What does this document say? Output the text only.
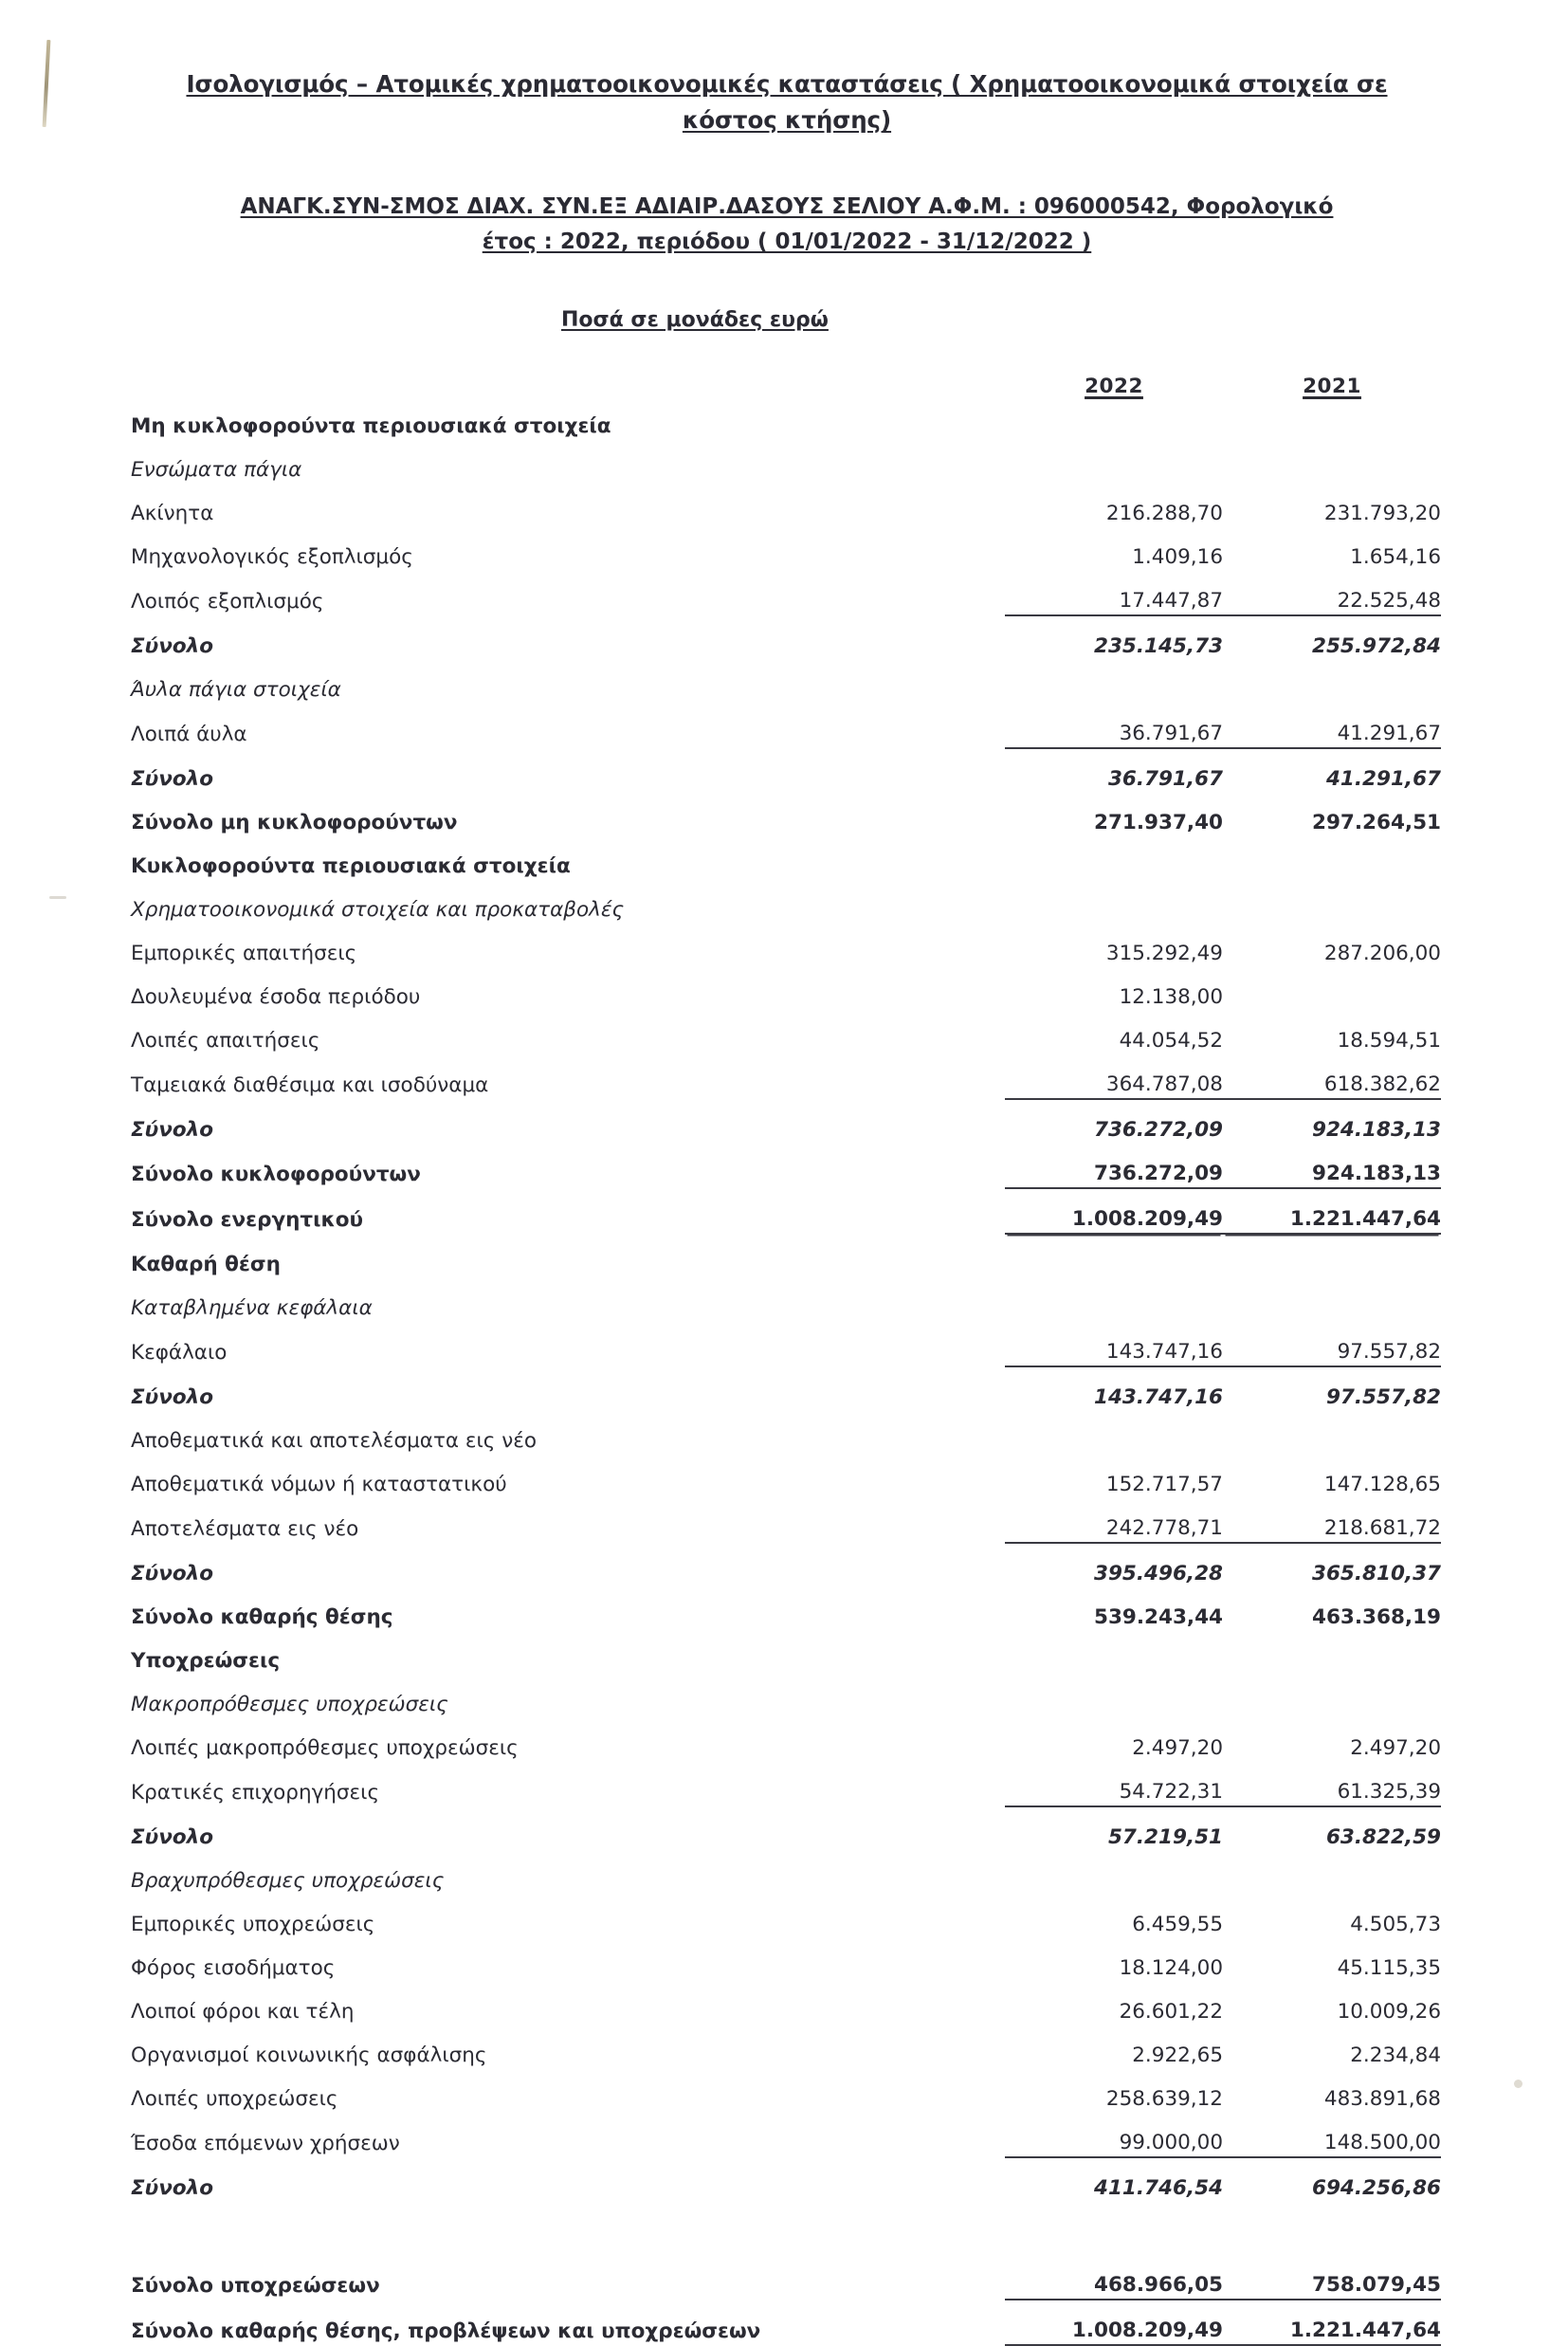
Ισολογισμός – Ατομικές χρηματοοικονομικές καταστάσεις ( Χρηματοοικονομικά στοιχεία σε
κόστος κτήσης)
ΑΝΑΓΚ.ΣΥΝ-ΣΜΟΣ ΔΙΑΧ. ΣΥΝ.ΕΞ ΑΔΙΑΙΡ.ΔΑΣΟΥΣ ΣΕΛΙΟΥ Α.Φ.Μ. : 096000542, Φορολογικό
έτος : 2022, περιόδου ( 01/01/2022 - 31/12/2022 )
Ποσά σε μονάδες ευρώ
	2022	2021
Μη κυκλοφορούντα περιουσιακά στοιχεία		
Ενσώματα πάγια		
Ακίνητα	216.288,70	231.793,20
Μηχανολογικός εξοπλισμός	1.409,16	1.654,16
Λοιπός εξοπλισμός	17.447,87	22.525,48
Σύνολο	235.145,73	255.972,84
Άυλα πάγια στοιχεία		
Λοιπά άυλα	36.791,67	41.291,67
Σύνολο	36.791,67	41.291,67
Σύνολο μη κυκλοφορούντων	271.937,40	297.264,51
Κυκλοφορούντα περιουσιακά στοιχεία		
Χρηματοοικονομικά στοιχεία και προκαταβολές		
Εμπορικές απαιτήσεις	315.292,49	287.206,00
Δουλευμένα έσοδα περιόδου	12.138,00	
Λοιπές απαιτήσεις	44.054,52	18.594,51
Ταμειακά διαθέσιμα και ισοδύναμα	364.787,08	618.382,62
Σύνολο	736.272,09	924.183,13
Σύνολο κυκλοφορούντων	736.272,09	924.183,13
Σύνολο ενεργητικού	1.008.209,49	1.221.447,64
Καθαρή θέση		
Καταβλημένα κεφάλαια		
Κεφάλαιο	143.747,16	97.557,82
Σύνολο	143.747,16	97.557,82
Αποθεματικά και αποτελέσματα εις νέο		
Αποθεματικά νόμων ή καταστατικού	152.717,57	147.128,65
Αποτελέσματα εις νέο	242.778,71	218.681,72
Σύνολο	395.496,28	365.810,37
Σύνολο καθαρής θέσης	539.243,44	463.368,19
Υποχρεώσεις		
Μακροπρόθεσμες υποχρεώσεις		
Λοιπές μακροπρόθεσμες υποχρεώσεις	2.497,20	2.497,20
Κρατικές επιχορηγήσεις	54.722,31	61.325,39
Σύνολο	57.219,51	63.822,59
Βραχυπρόθεσμες υποχρεώσεις		
Εμπορικές υποχρεώσεις	6.459,55	4.505,73
Φόρος εισοδήματος	18.124,00	45.115,35
Λοιποί φόροι και τέλη	26.601,22	10.009,26
Οργανισμοί κοινωνικής ασφάλισης	2.922,65	2.234,84
Λοιπές υποχρεώσεις	258.639,12	483.891,68
Έσοδα επόμενων χρήσεων	99.000,00	148.500,00
Σύνολο	411.746,54	694.256,86

Σύνολο υποχρεώσεων	468.966,05	758.079,45
Σύνολο καθαρής θέσης, προβλέψεων και υποχρεώσεων	1.008.209,49	1.221.447,64
